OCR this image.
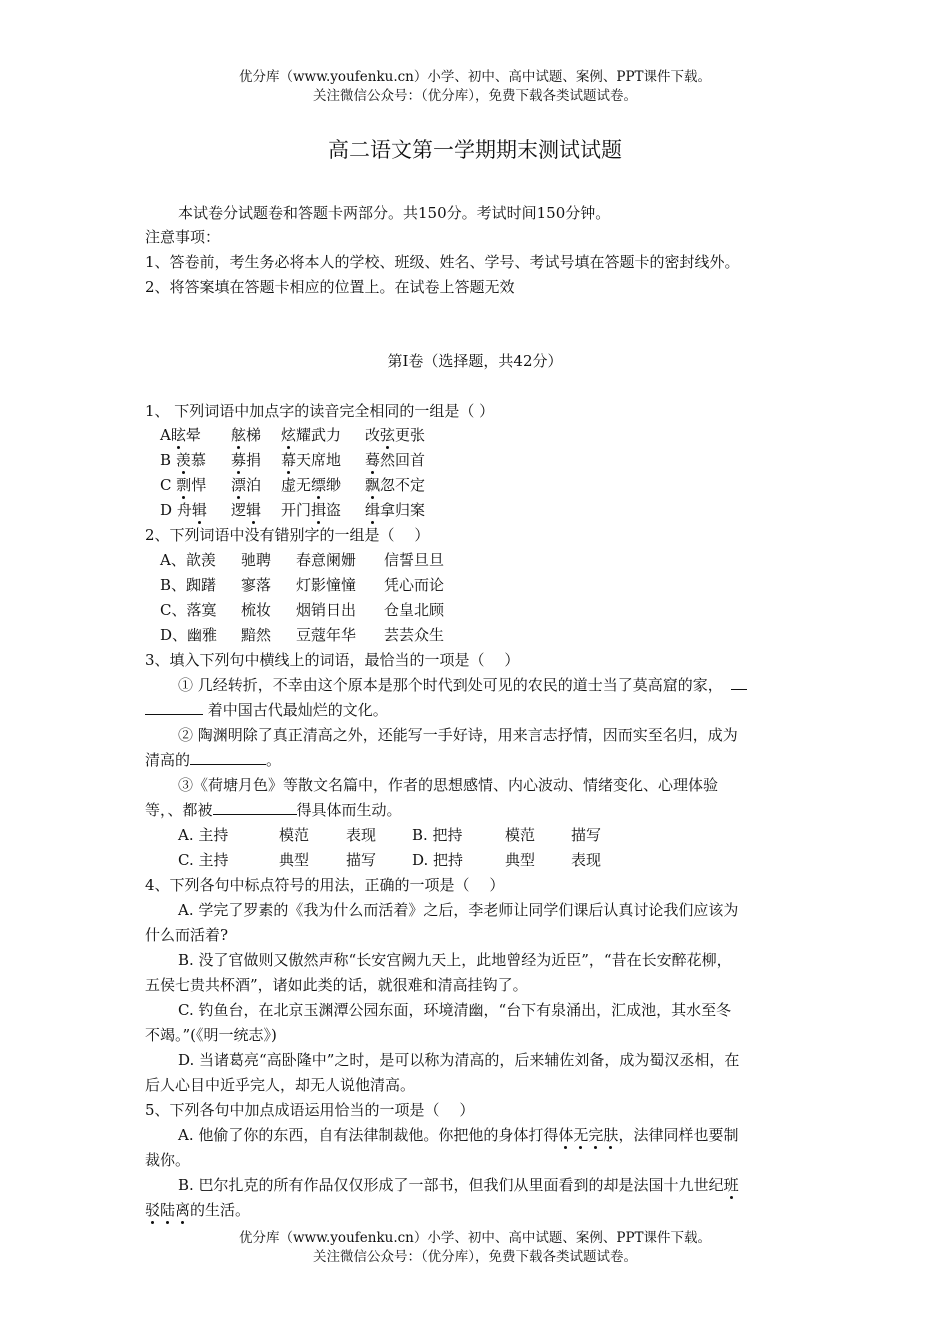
优分库（www.youfenku.cn）小学、初中、高中试题、案例、PPT课件下载。
关注微信公众号：（优分库），免费下载各类试题试卷。
高二语文第一学期期末测试试题
本试卷分试题卷和答题卡两部分。共150分。考试时间150分钟。
注意事项：
1、答卷前，考生务必将本人的学校、班级、姓名、学号、考试号填在答题卡的密封线外。
2、将答案填在答题卡相应的位置上。在试卷上答题无效
第I卷（选择题，共42分）
1、 下列词语中加点字的读音完全相同的一组是（ ）
A眩晕 舷梯 炫耀武力 改弦更张
B 羡慕 募捐 幕天席地 蓦然回首
C 剽悍 漂泊 虚无缥缈 飘忽不定
D 舟辑 逻辑 开门揖盗 缉拿归案
2、下列词语中没有错别字的一组是（　 ）
A、歆羡 驰聘 春意阑姗 信誓旦旦
B、踟躇 寥落 灯影憧憧 凭心而论
C、落寞 梳妆 烟销日出 仓皇北顾
D、幽雅 黯然 豆蔻年华 芸芸众生
3、填入下列句中横线上的词语，最恰当的一项是（　 ）
① 几经转折，不幸由这个原本是那个时代到处可见的农民的道士当了莫高窟的家，
着中国古代最灿烂的文化。
② 陶渊明除了真正清高之外，还能写一手好诗，用来言志抒情，因而实至名归，成为
清高的	。
③《荷塘月色》等散文名篇中，作者的思想感情、内心波动、情绪变化、心理体验
等，、都被	得具体而生动。
A. 主持	模范 表现 B. 把持	模范 描写
C. 主持	典型 描写 D. 把持	典型 表现
4、下列各句中标点符号的用法，正确的一项是（　 ）
A. 学完了罗素的《我为什么而活着》之后，李老师让同学们课后认真讨论我们应该为
什么而活着?
B. 没了官做则又傲然声称“长安宫阙九天上，此地曾经为近臣”，“昔在长安醉花柳，
五侯七贵共杯酒”，诸如此类的话，就很难和清高挂钩了。
C. 钓鱼台，在北京玉渊潭公园东面，环境清幽，“台下有泉涌出，汇成池，其水至冬
不竭。”(《明一统志》)
D. 当诸葛亮“高卧隆中”之时，是可以称为清高的，后来辅佐刘备，成为蜀汉丞相，在
后人心目中近乎完人，却无人说他清高。
5、下列各句中加点成语运用恰当的一项是（　 ）
A. 他偷了你的东西，自有法律制裁他。你把他的身体打得体无完肤，法律同样也要制
裁你。
B. 巴尔扎克的所有作品仅仅形成了一部书，但我们从里面看到的却是法国十九世纪班
驳陆离的生活。
优分库（www.youfenku.cn）小学、初中、高中试题、案例、PPT课件下载。
关注微信公众号：（优分库），免费下载各类试题试卷。
